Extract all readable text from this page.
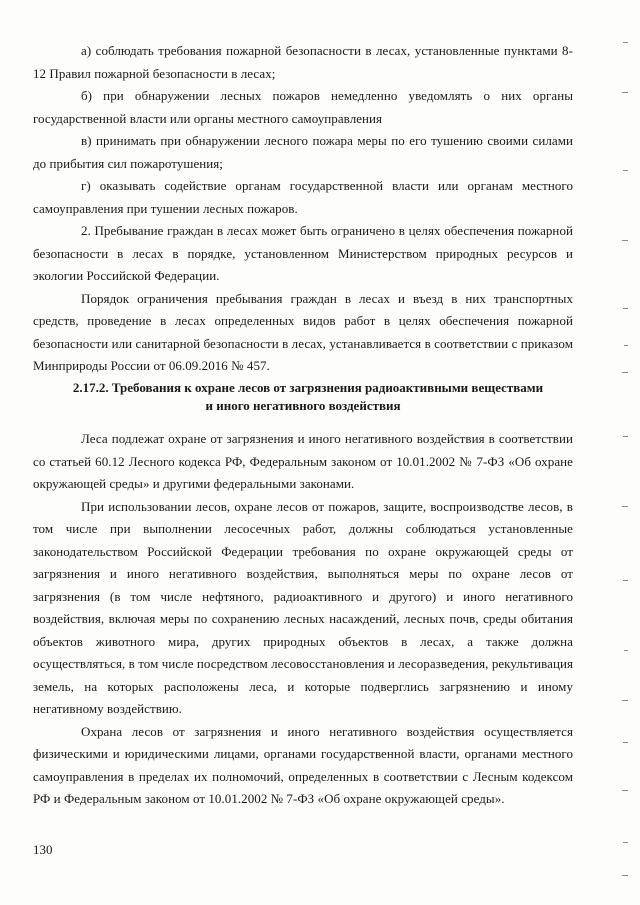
а) соблюдать требования пожарной безопасности в лесах, установленные пунктами 8-12 Правил пожарной безопасности в лесах;

б) при обнаружении лесных пожаров немедленно уведомлять о них органы государственной власти или органы местного самоуправления

в) принимать при обнаружении лесного пожара меры по его тушению своими силами до прибытия сил пожаротушения;

г) оказывать содействие органам государственной власти или органам местного самоуправления при тушении лесных пожаров.

2. Пребывание граждан в лесах может быть ограничено в целях обеспечения пожарной безопасности в лесах в порядке, установленном Министерством природных ресурсов и экологии Российской Федерации.

Порядок ограничения пребывания граждан в лесах и въезд в них транспортных средств, проведение в лесах определенных видов работ в целях обеспечения пожарной безопасности или санитарной безопасности в лесах, устанавливается в соответствии с приказом Минприроды России от 06.09.2016 № 457.

2.17.2. Требования к охране лесов от загрязнения радиоактивными веществами
и иного негативного воздействия

Леса подлежат охране от загрязнения и иного негативного воздействия в соответствии со статьей 60.12 Лесного кодекса РФ, Федеральным законом от 10.01.2002 № 7-ФЗ «Об охране окружающей среды» и другими федеральными законами.

При использовании лесов, охране лесов от пожаров, защите, воспроизводстве лесов, в том числе при выполнении лесосечных работ, должны соблюдаться установленные законодательством Российской Федерации требования по охране окружающей среды от загрязнения и иного негативного воздействия, выполняться меры по охране лесов от загрязнения (в том числе нефтяного, радиоактивного и другого) и иного негативного воздействия, включая меры по сохранению лесных насаждений, лесных почв, среды обитания объектов животного мира, других природных объектов в лесах, а также должна осуществляться, в том числе посредством лесовосстановления и лесоразведения, рекультивация земель, на которых расположены леса, и которые подверглись загрязнению и иному негативному воздействию.

Охрана лесов от загрязнения и иного негативного воздействия осуществляется физическими и юридическими лицами, органами государственной власти, органами местного самоуправления в пределах их полномочий, определенных в соответствии с Лесным кодексом РФ и Федеральным законом от 10.01.2002 № 7-ФЗ «Об охране окружающей среды».

130
